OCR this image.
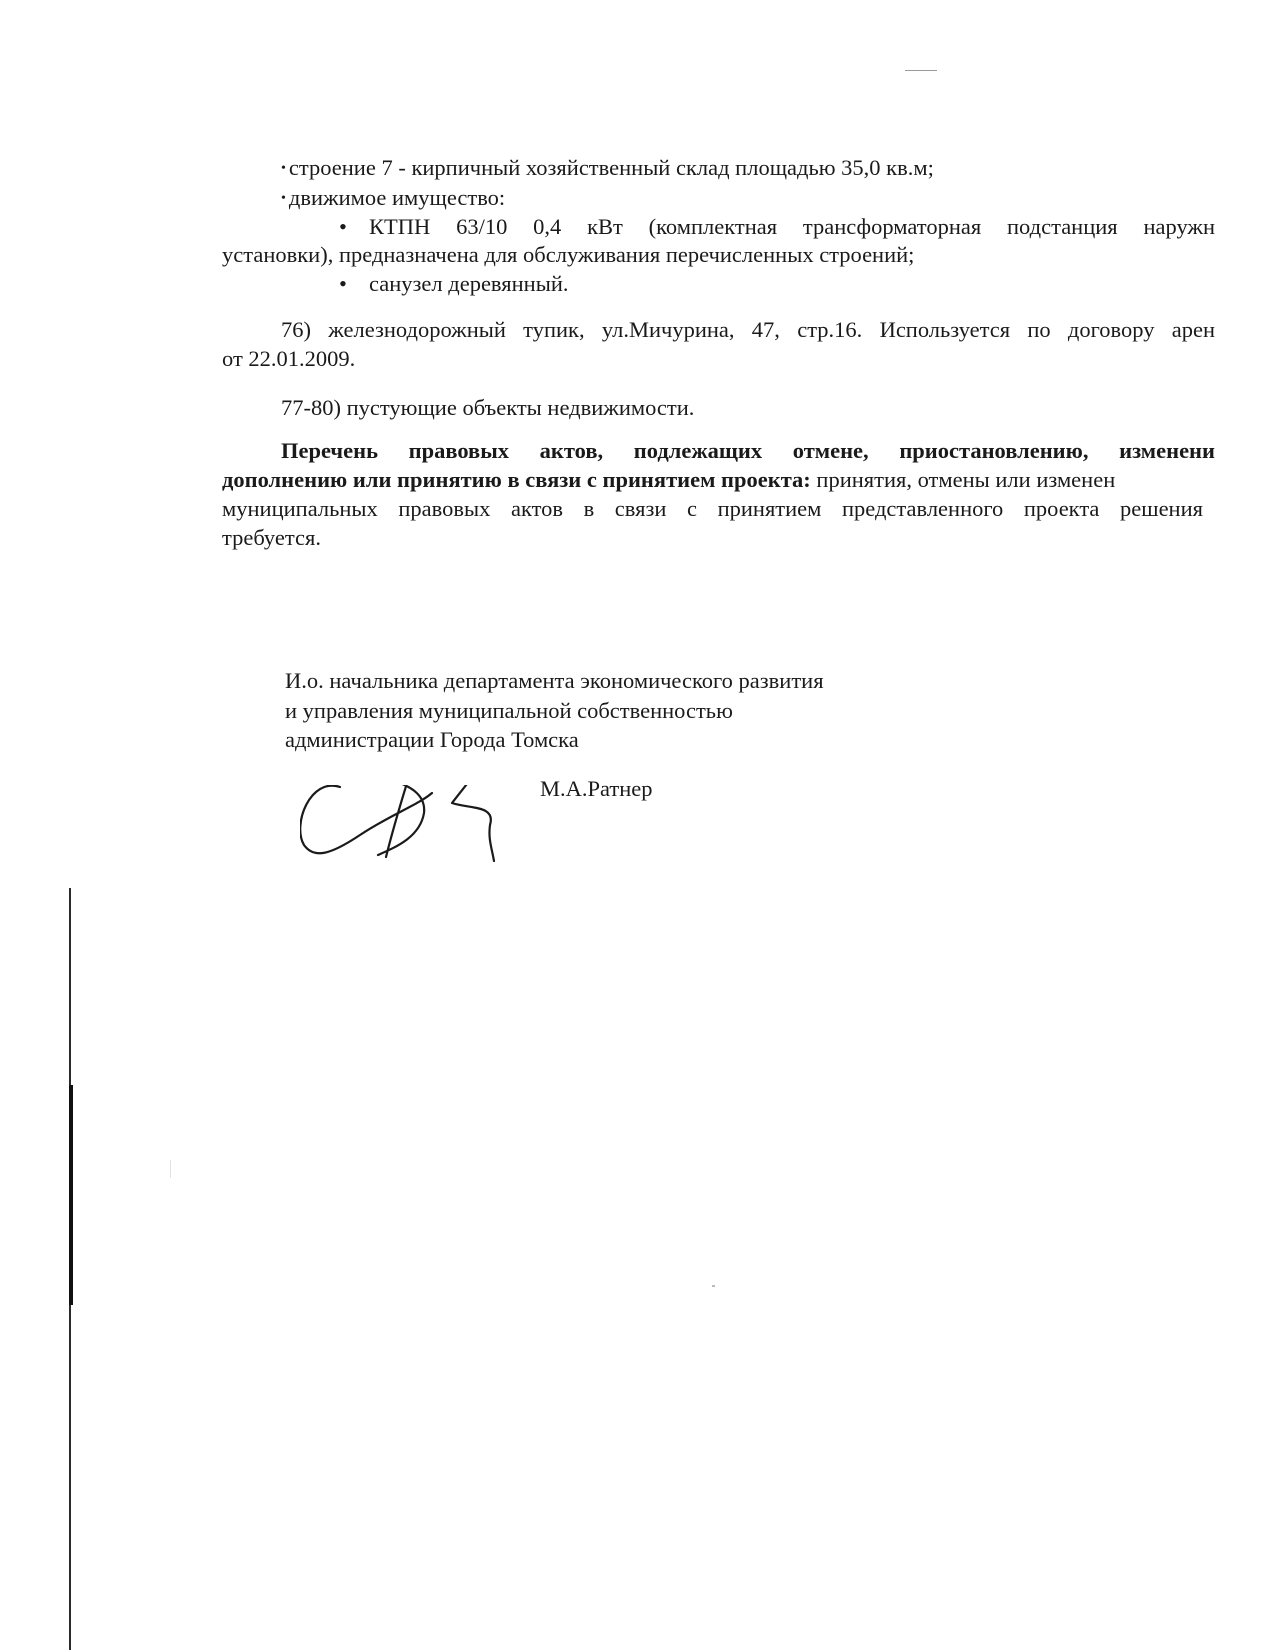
• строение 7 - кирпичный хозяйственный склад площадью 35,0 кв.м;
• движимое имущество:
• КТПН 63/10 0,4 кВт (комплектная трансформаторная подстанция наружн
установки), предназначена для обслуживания перечисленных строений;
• санузел деревянный.
76) железнодорожный тупик, ул.Мичурина, 47, стр.16. Используется по договору арен
от 22.01.2009.
77-80) пустующие объекты недвижимости.
Перечень правовых актов, подлежащих отмене, приостановлению, изменени
дополнению или принятию в связи с принятием проекта: принятия, отмены или изменен
муниципальных правовых актов в связи с принятием представленного проекта решения
требуется.
И.о. начальника департамента экономического развития
и управления муниципальной собственностью
администрации Города Томска
М.А.Ратнер
